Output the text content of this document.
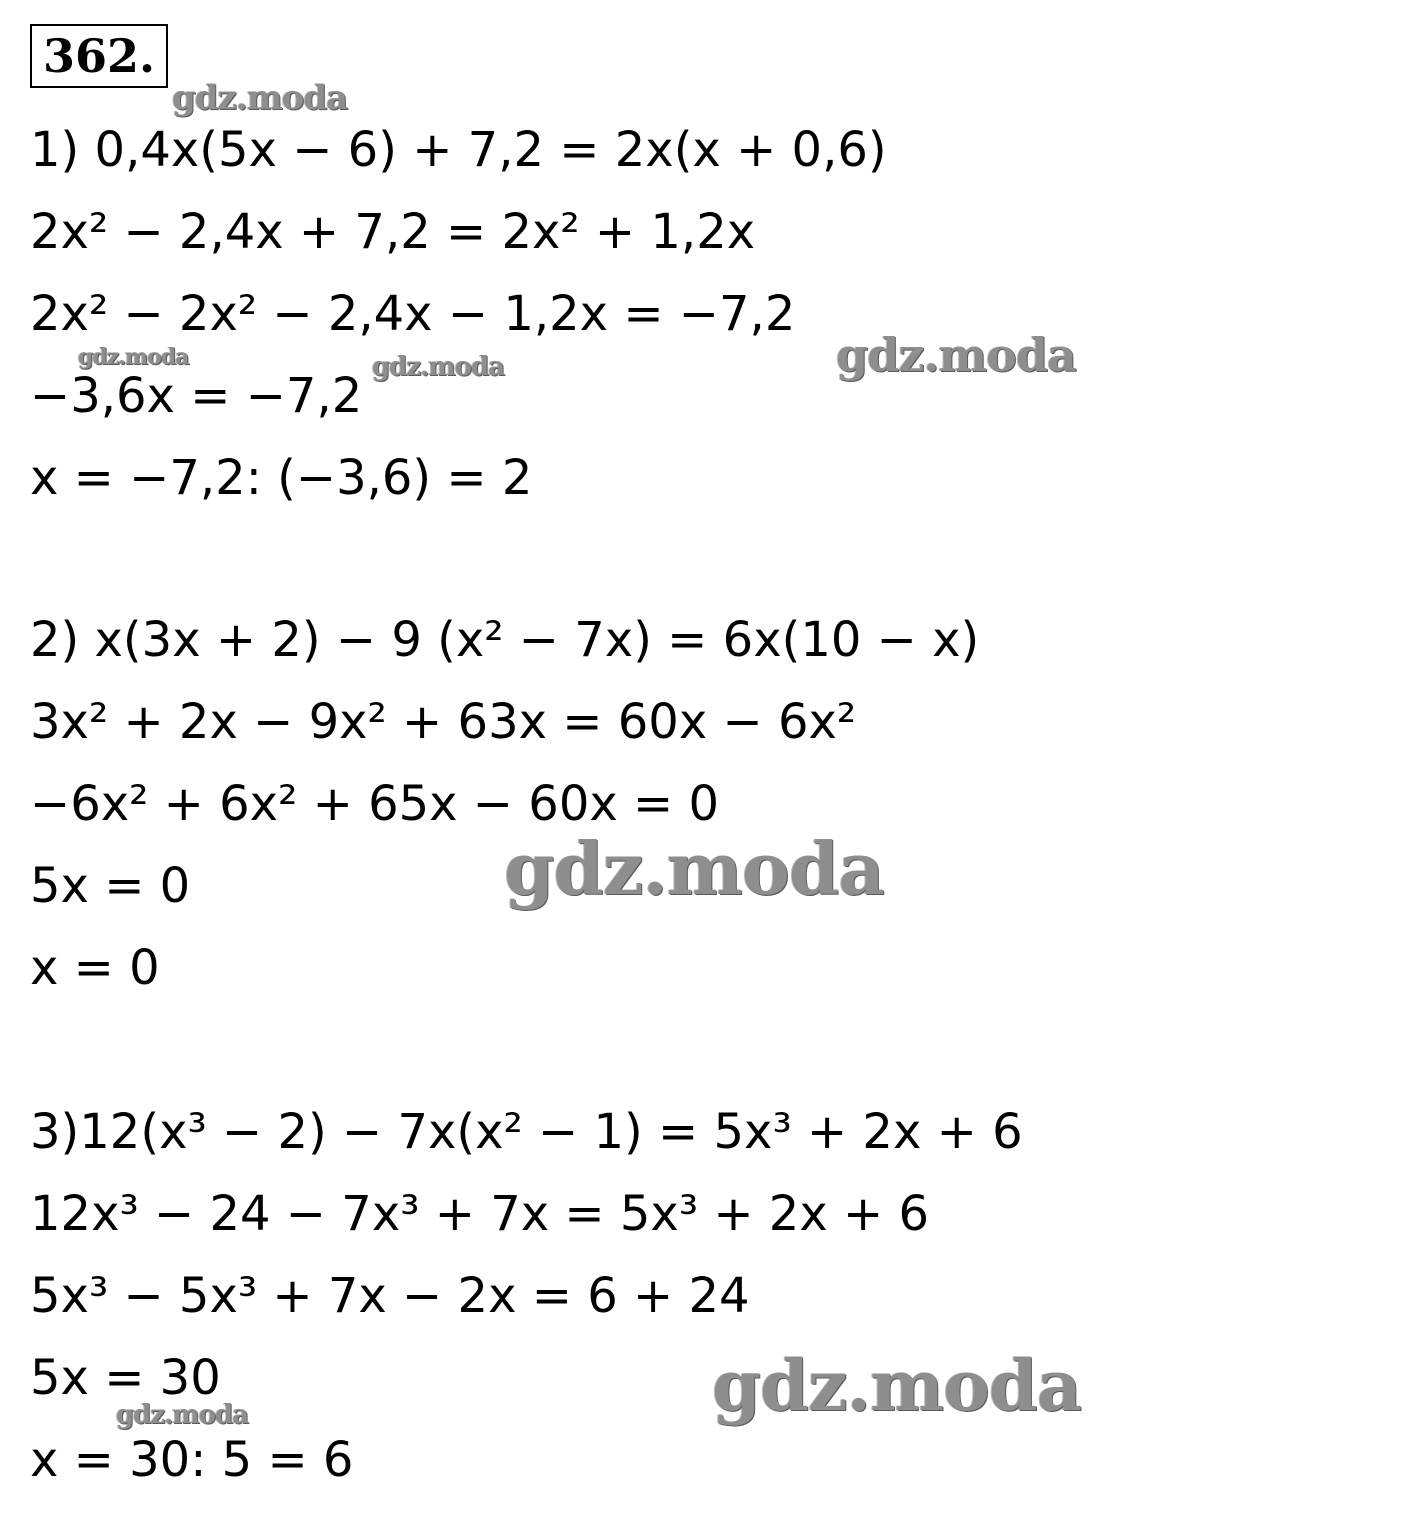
362.
1) 0,4x(5x − 6) + 7,2 = 2x(x + 0,6)
2x² − 2,4x + 7,2 = 2x² + 1,2x
2x² − 2x² − 2,4x − 1,2x = −7,2
−3,6x = −7,2
x = −7,2: (−3,6) = 2
2) x(3x + 2) − 9 (x² − 7x) = 6x(10 − x)
3x² + 2x − 9x² + 63x = 60x − 6x²
−6x² + 6x² + 65x − 60x = 0
5x = 0
x = 0
3)12(x³ − 2) − 7x(x² − 1) = 5x³ + 2x + 6
12x³ − 24 − 7x³ + 7x = 5x³ + 2x + 6
5x³ − 5x³ + 7x − 2x = 6 + 24
5x = 30
x = 30: 5 = 6
gdz.moda
gdz.moda	gdz.moda	gdz.moda
gdz.moda
gdz.moda	gdz.moda
